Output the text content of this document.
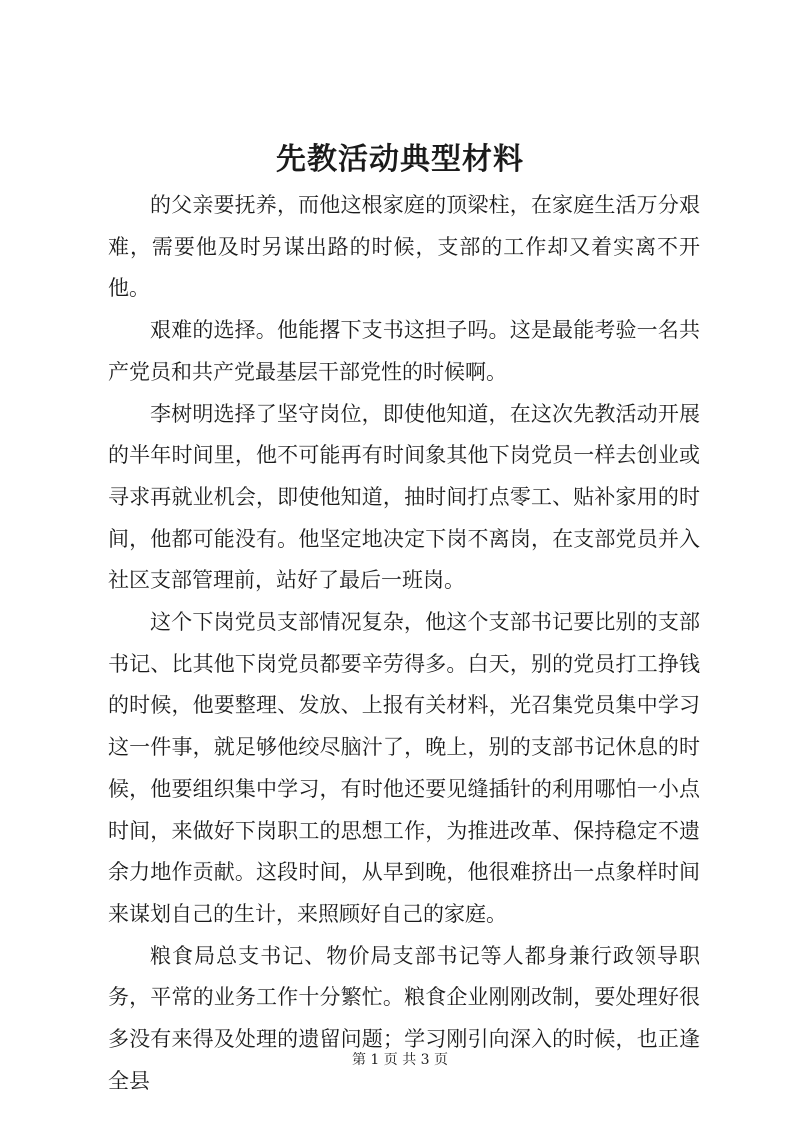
先教活动典型材料

的父亲要抚养，而他这根家庭的顶梁柱，在家庭生活万分艰难，需要他及时另谋出路的时候，支部的工作却又着实离不开他。

艰难的选择。他能撂下支书这担子吗。这是最能考验一名共产党员和共产党最基层干部党性的时候啊。

李树明选择了坚守岗位，即使他知道，在这次先教活动开展的半年时间里，他不可能再有时间象其他下岗党员一样去创业或寻求再就业机会，即使他知道，抽时间打点零工、贴补家用的时间，他都可能没有。他坚定地决定下岗不离岗，在支部党员并入社区支部管理前，站好了最后一班岗。

这个下岗党员支部情况复杂，他这个支部书记要比别的支部书记、比其他下岗党员都要辛劳得多。白天，别的党员打工挣钱的时候，他要整理、发放、上报有关材料，光召集党员集中学习这一件事，就足够他绞尽脑汁了，晚上，别的支部书记休息的时候，他要组织集中学习，有时他还要见缝插针的利用哪怕一小点时间，来做好下岗职工的思想工作，为推进改革、保持稳定不遗余力地作贡献。这段时间，从早到晚，他很难挤出一点象样时间来谋划自己的生计，来照顾好自己的家庭。

粮食局总支书记、物价局支部书记等人都身兼行政领导职务，平常的业务工作十分繁忙。粮食企业刚刚改制，要处理好很多没有来得及处理的遗留问题；学习刚引向深入的时候，也正逢全县

第 1 页 共 3 页
